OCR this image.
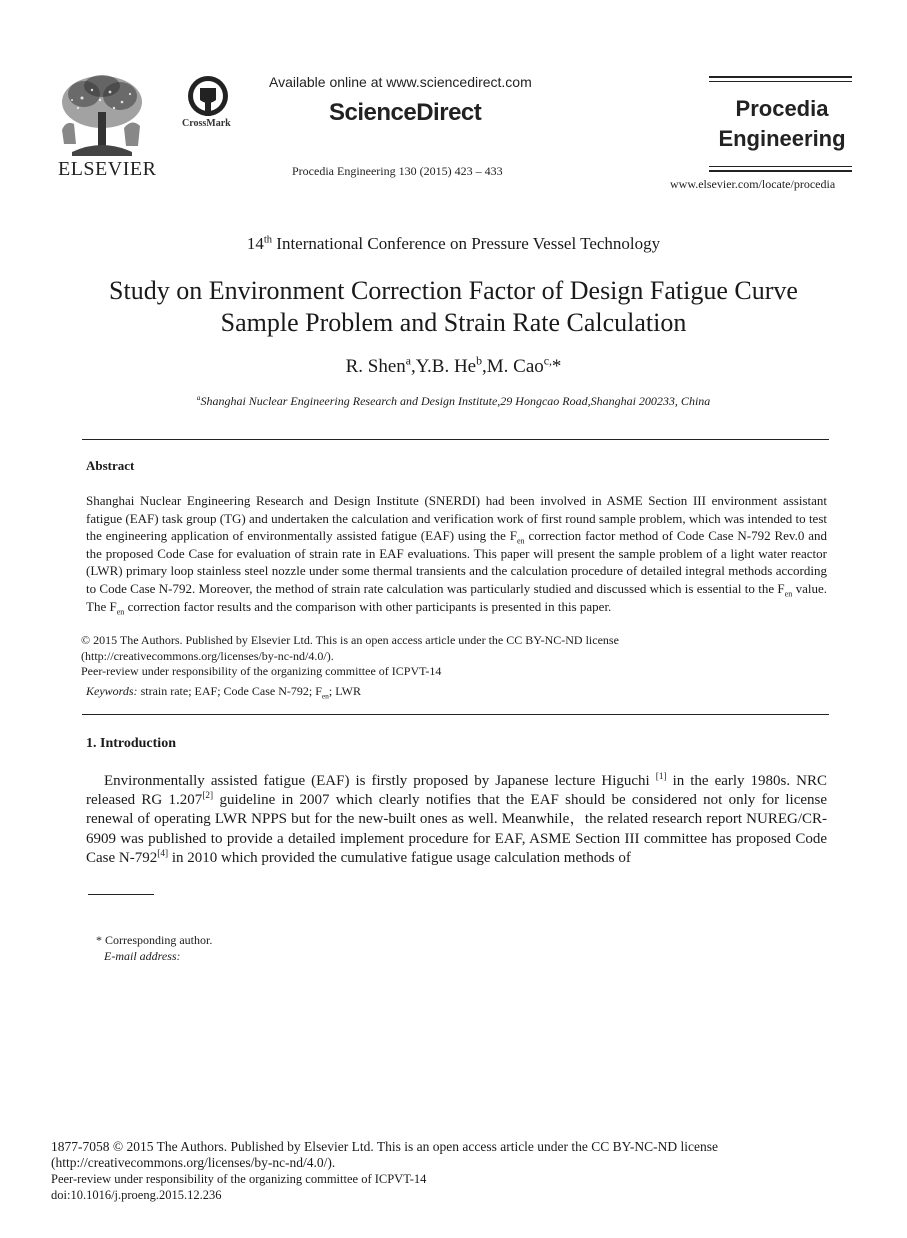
ELSEVIER
CrossMark
Available online at www.sciencedirect.com
ScienceDirect
Procedia Engineering 130 (2015) 423 – 433
Procedia
Engineering
www.elsevier.com/locate/procedia
14th International Conference on Pressure Vessel Technology
Study on Environment Correction Factor of Design Fatigue Curve
Sample Problem and Strain Rate Calculation
R. Shen$^a$,Y.B. He$^b$,M. Cao$^{c,}$*
$^a$Shanghai Nuclear Engineering Research and Design Institute,29 Hongcao Road,Shanghai 200233, China
Abstract
Shanghai Nuclear Engineering Research and Design Institute (SNERDI) had been involved in ASME Section III environment assistant fatigue (EAF) task group (TG) and undertaken the calculation and verification work of first round sample problem, which was intended to test the engineering application of environmentally assisted fatigue (EAF) using the $F_{en}$ correction factor method of Code Case N-792 Rev.0 and the proposed Code Case for evaluation of strain rate in EAF evaluations. This paper will present the sample problem of a light water reactor (LWR) primary loop stainless steel nozzle under some thermal transients and the calculation procedure of detailed integral methods according to Code Case N-792. Moreover, the method of strain rate calculation was particularly studied and discussed which is essential to the $F_{en}$ value. The $F_{en}$ correction factor results and the comparison with other participants is presented in this paper.
© 2015 The Authors. Published by Elsevier Ltd. This is an open access article under the CC BY-NC-ND license
(http://creativecommons.org/licenses/by-nc-nd/4.0/).
Peer-review under responsibility of the organizing committee of ICPVT-14
Keywords: strain rate; EAF; Code Case N-792; $F_{en}$; LWR
1. Introduction
Environmentally assisted fatigue (EAF) is firstly proposed by Japanese lecture Higuchi [1] in the early 1980s. NRC released RG 1.207[2] guideline in 2007 which clearly notifies that the EAF should be considered not only for license renewal of operating LWR NPPS but for the new-built ones as well. Meanwhile，the related research report NUREG/CR-6909 was published to provide a detailed implement procedure for EAF, ASME Section III committee has proposed Code Case N-792[4] in 2010 which provided the cumulative fatigue usage calculation methods of
* Corresponding author.
E-mail address:
1877-7058 © 2015 The Authors. Published by Elsevier Ltd. This is an open access article under the CC BY-NC-ND license
(http://creativecommons.org/licenses/by-nc-nd/4.0/).
Peer-review under responsibility of the organizing committee of ICPVT-14
doi:10.1016/j.proeng.2015.12.236
